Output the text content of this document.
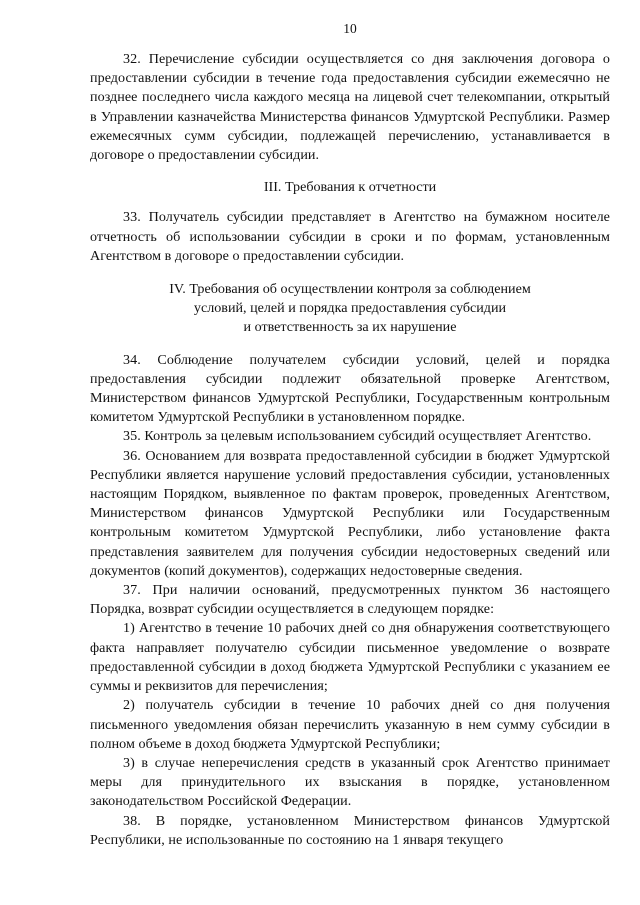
10

32. Перечисление субсидии осуществляется со дня заключения договора о предоставлении субсидии в течение года предоставления субсидии ежемесячно не позднее последнего числа каждого месяца на лицевой счет телекомпании, открытый в Управлении казначейства Министерства финансов Удмуртской Республики. Размер ежемесячных сумм субсидии, подлежащей перечислению, устанавливается в договоре о предоставлении субсидии.

III. Требования к отчетности

33. Получатель субсидии представляет в Агентство на бумажном носителе отчетность об использовании субсидии в сроки и по формам, установленным Агентством в договоре о предоставлении субсидии.

IV. Требования об осуществлении контроля за соблюдением
условий, целей и порядка предоставления субсидии
и ответственность за их нарушение

34. Соблюдение получателем субсидии условий, целей и порядка предоставления субсидии подлежит обязательной проверке Агентством, Министерством финансов Удмуртской Республики, Государственным контрольным комитетом Удмуртской Республики в установленном порядке.

35. Контроль за целевым использованием субсидий осуществляет Агентство.

36. Основанием для возврата предоставленной субсидии в бюджет Удмуртской Республики является нарушение условий предоставления субсидии, установленных настоящим Порядком, выявленное по фактам проверок, проведенных Агентством, Министерством финансов Удмуртской Республики или Государственным контрольным комитетом Удмуртской Республики, либо установление факта представления заявителем для получения субсидии недостоверных сведений или документов (копий документов), содержащих недостоверные сведения.

37. При наличии оснований, предусмотренных пунктом 36 настоящего Порядка, возврат субсидии осуществляется в следующем порядке:

1) Агентство в течение 10 рабочих дней со дня обнаружения соответствующего факта направляет получателю субсидии письменное уведомление о возврате предоставленной субсидии в доход бюджета Удмуртской Республики с указанием ее суммы и реквизитов для перечисления;

2) получатель субсидии в течение 10 рабочих дней со дня получения письменного уведомления обязан перечислить указанную в нем сумму субсидии в полном объеме в доход бюджета Удмуртской Республики;

3) в случае неперечисления средств в указанный срок Агентство принимает меры для принудительного их взыскания в порядке, установленном законодательством Российской Федерации.

38. В порядке, установленном Министерством финансов Удмуртской Республики, не использованные по состоянию на 1 января текущего
